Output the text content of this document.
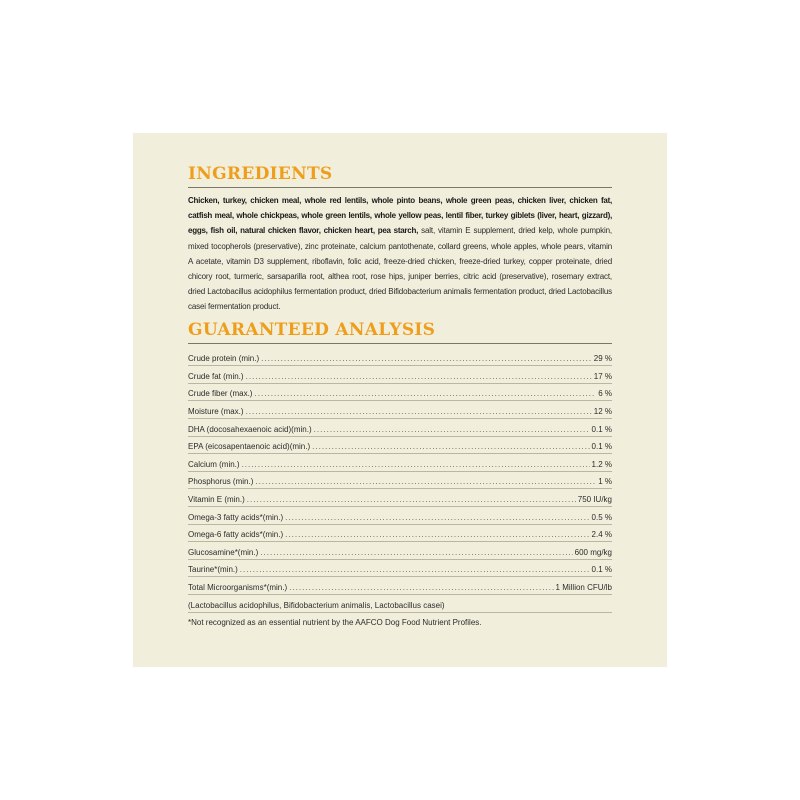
INGREDIENTS

Chicken, turkey, chicken meal, whole red lentils, whole pinto beans, whole green peas, chicken liver, chicken fat, catfish meal, whole chickpeas, whole green lentils, whole yellow peas, lentil fiber, turkey giblets (liver, heart, gizzard), eggs, fish oil, natural chicken flavor, chicken heart, pea starch, salt, vitamin E supplement, dried kelp, whole pumpkin, mixed tocopherols (preservative), zinc proteinate, calcium pantothenate, collard greens, whole apples, whole pears, vitamin A acetate, vitamin D3 supplement, riboflavin, folic acid, freeze-dried chicken, freeze-dried turkey, copper proteinate, dried chicory root, turmeric, sarsaparilla root, althea root, rose hips, juniper berries, citric acid (preservative), rosemary extract, dried Lactobacillus acidophilus fermentation product, dried Bifidobacterium animalis fermentation product, dried Lactobacillus casei fermentation product.

GUARANTEED ANALYSIS
Crude protein (min.) . . .	29 %
Crude fat (min.) . . .	17 %
Crude fiber (max.) . . .	6 %
Moisture (max.) . . .	12 %
DHA (docosahexaenoic acid)(min.) . . .	0.1 %
EPA (eicosapentaenoic acid)(min.) . . .	0.1 %
Calcium (min.) . . .	1.2 %
Phosphorus (min.) . . .	1 %
Vitamin E (min.) . . .	750 IU/kg
Omega-3 fatty acids*(min.) . . .	0.5 %
Omega-6 fatty acids*(min.) . . .	2.4 %
Glucosamine*(min.) . . .	600 mg/kg
Taurine*(min.) . . .	0.1 %
Total Microorganisms*(min.) . . .	1 Million CFU/lb
(Lactobacillus acidophilus, Bifidobacterium animalis, Lactobacillus casei)
*Not recognized as an essential nutrient by the AAFCO Dog Food Nutrient Profiles.
